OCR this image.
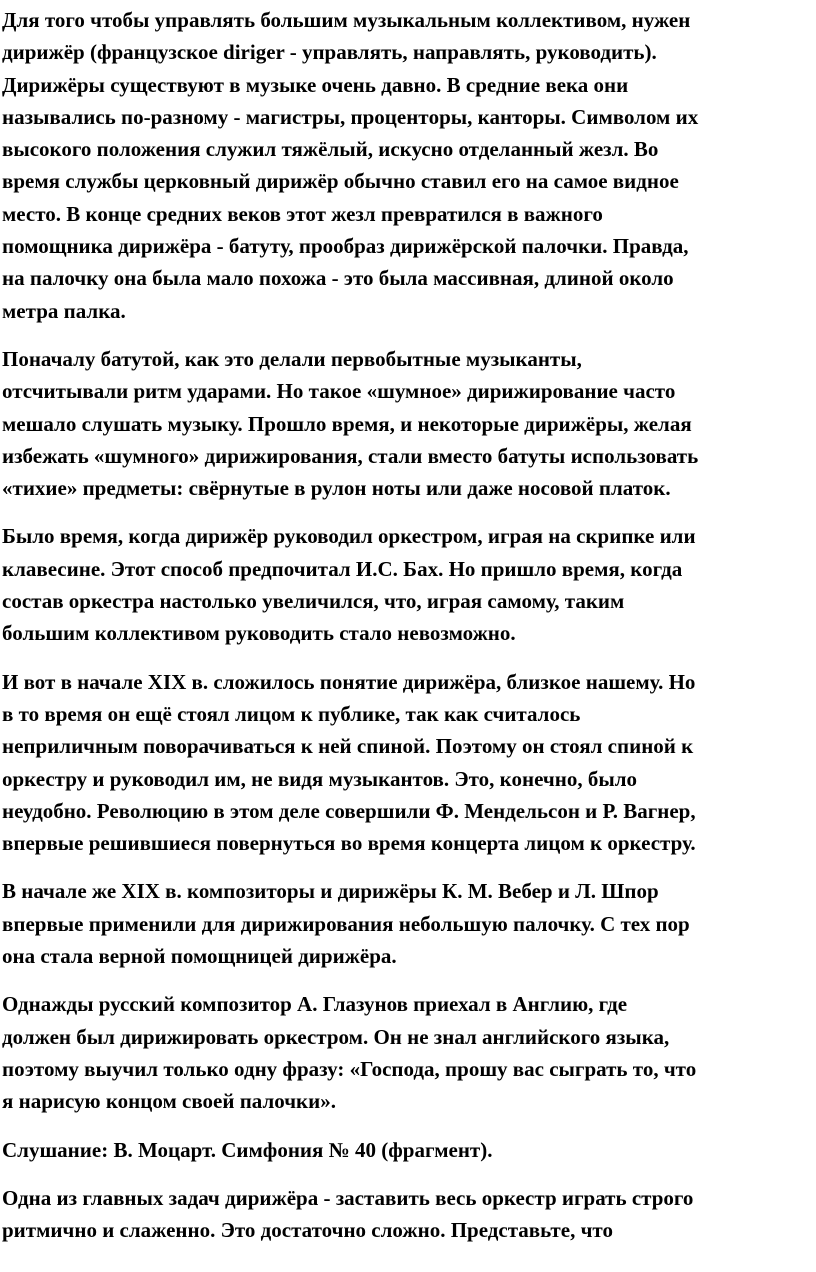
Для того чтобы управлять большим музыкальным коллективом, нужен
дирижёр (французское diriger - управлять, направлять, руководить).
Дирижёры существуют в музыке очень давно. В средние века они
назывались по-разному - магистры, процентoры, канторы. Символом их
высокого положения служил тяжёлый, искусно отделанный жезл. Во
время службы церковный дирижёр обычно ставил его на самое видное
место. В конце средних веков этот жезл превратился в важного
помощника дирижёра - батуту, прообраз дирижёрской палочки. Правда,
на палочку она была мало похожа - это была массивная, длиной около
метра палка.

Поначалу батутой, как это делали первобытные музыканты,
отсчитывали ритм ударами. Но такое «шумное» дирижирование часто
мешало слушать музыку. Прошло время, и некоторые дирижёры, желая
избежать «шумного» дирижирования, стали вместо батуты использовать
«тихие» предметы: свёрнутые в рулон ноты или даже носовой платок.

Было время, когда дирижёр руководил оркестром, играя на скрипке или
клавесине. Этот способ предпочитал И.С. Бах. Но пришло время, когда
состав оркестра настолько увеличился, что, играя самому, таким
большим коллективом руководить стало невозможно.

И вот в начале XIX в. сложилось понятие дирижёра, близкое нашему. Но
в то время он ещё стоял лицом к публике, так как считалось
неприличным поворачиваться к ней спиной. Поэтому он стоял спиной к
оркестру и руководил им, не видя музыкантов. Это, конечно, было
неудобно. Революцию в этом деле совершили Ф. Мендельсон и Р. Вагнер,
впервые решившиеся повернуться во время концерта лицом к оркестру.

В начале же XIX в. композиторы и дирижёры К. М. Вебер и Л. Шпор
впервые применили для дирижирования небольшую палочку. С тех пор
она стала верной помощницей дирижёра.

Однажды русский композитор А. Глазунов приехал в Англию, где
должен был дирижировать оркестром. Он не знал английского языка,
поэтому выучил только одну фразу: «Господа, прошу вас сыграть то, что
я нарисую концом своей палочки».

Слушание: В. Моцарт. Симфония № 40 (фрагмент).

Одна из главных задач дирижёра - заставить весь оркестр играть строго
ритмично и слаженно. Это достаточно сложно. Представьте, что
